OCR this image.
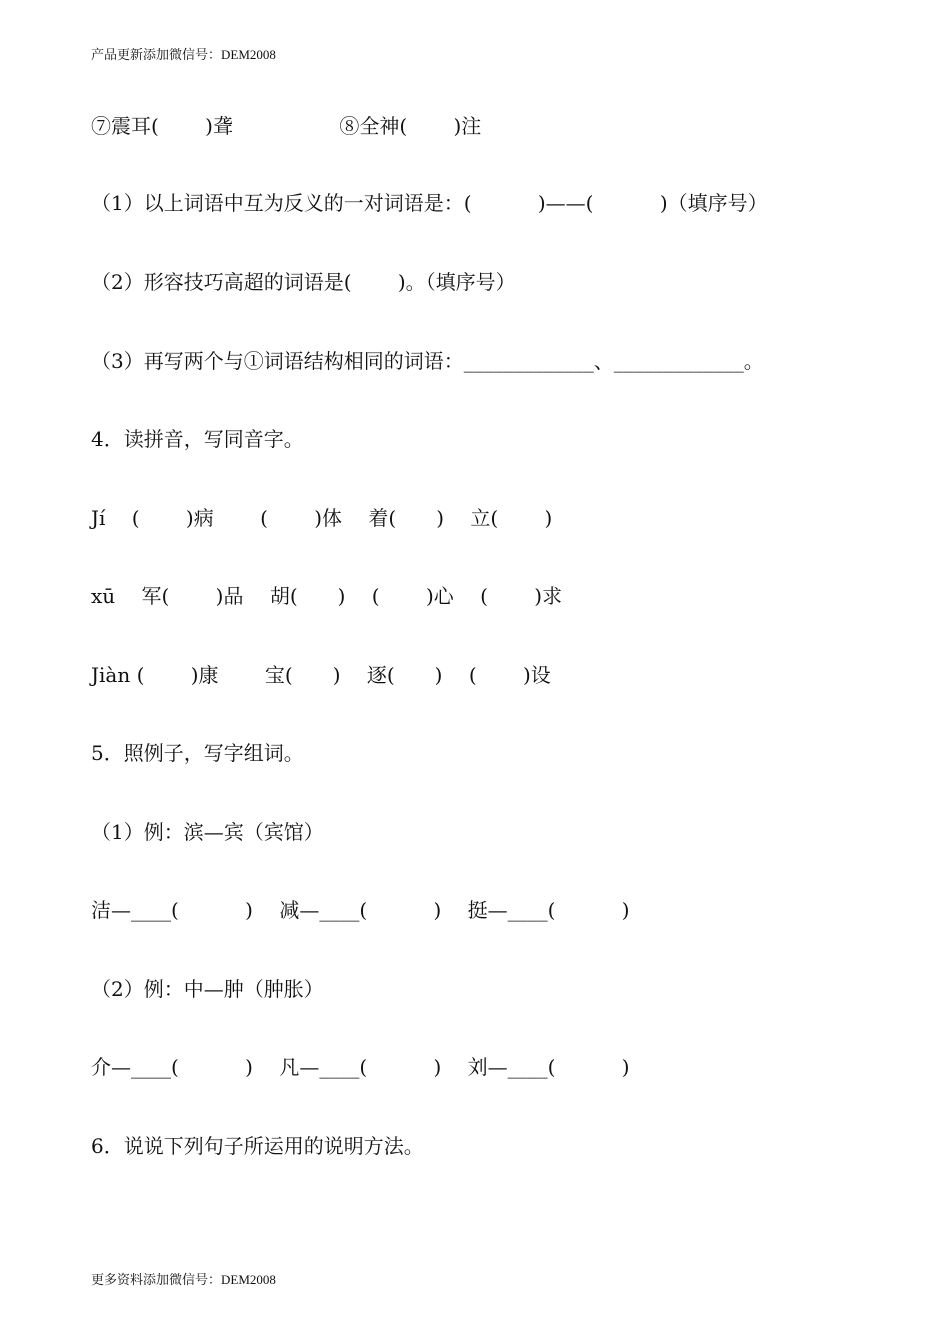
产品更新添加微信号：DEM2008
⑦震耳(　　 )聋　　　　　 ⑧全神(　　 )注
（1）以上词语中互为反义的一对词语是：(　　　 )——(　　　 )（填序号）
（2）形容技巧高超的词语是(　　 )。（填序号）
（3）再写两个与①词语结构相同的词语：_____________、_____________。
4．读拼音，写同音字。
Jí　 (　　 )病　　 (　　 )体　 着(　　)　 立(　　 )
xū　 军(　　 )品　 胡(　　)　 (　　 )心　 (　　 )求
Jiàn (　　 )康　　 宝(　　)　 逐(　　)　 (　　 )设
5．照例子，写字组词。
（1）例：滨—宾（宾馆）
洁—____(　　　 )　 减—____(　　　 )　 挺—____(　　　 )
（2）例：中—肿（肿胀）
介—____(　　　 )　 凡—____(　　　 )　 刘—____(　　　 )
6．说说下列句子所运用的说明方法。
更多资料添加微信号：DEM2008
